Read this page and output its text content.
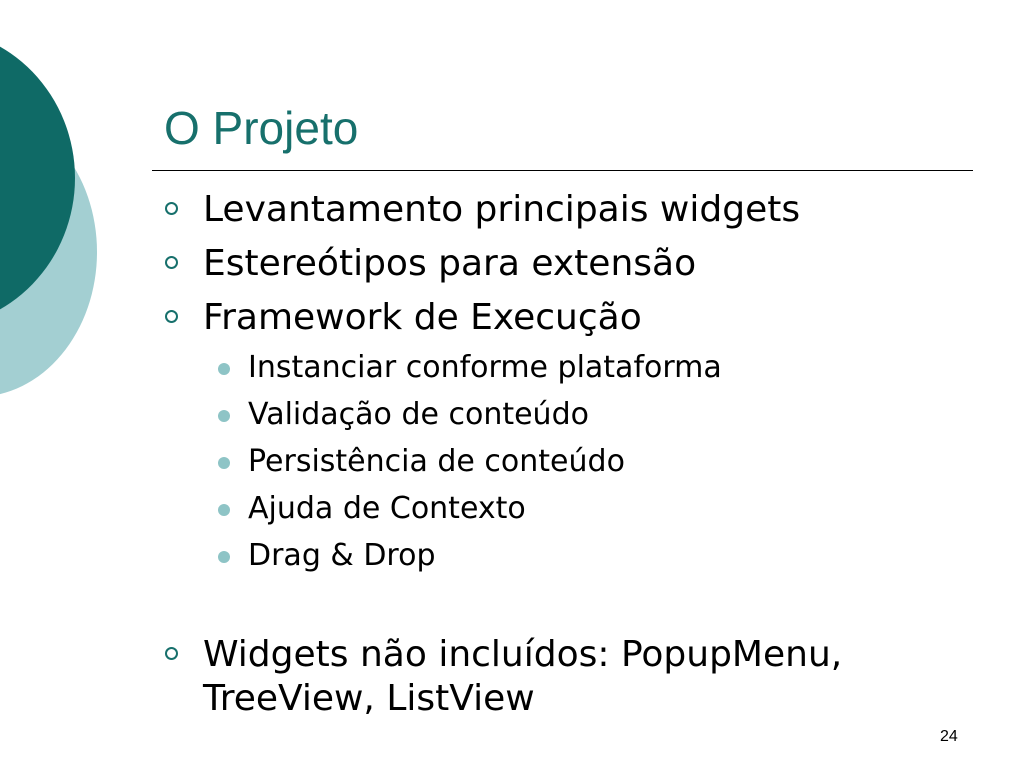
O Projeto
Levantamento principais widgets
Estereótipos para extensão
Framework de Execução
Instanciar conforme plataforma
Validação de conteúdo
Persistência de conteúdo
Ajuda de Contexto
Drag & Drop
Widgets não incluídos: PopupMenu,
TreeView, ListView
24
